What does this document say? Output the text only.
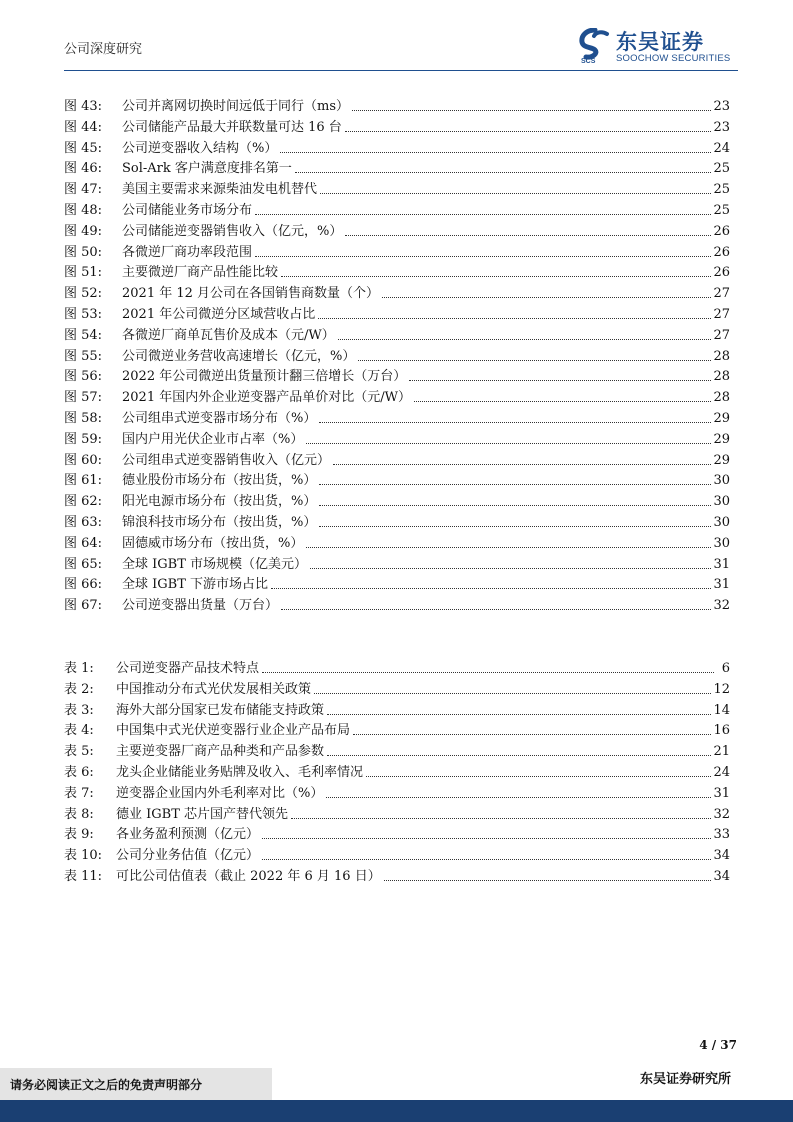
公司深度研究
SCS
东吴证券
SOOCHOW SECURITIES
图 43:	公司并离网切换时间远低于同行（ms）	23
图 44:	公司储能产品最大并联数量可达 16 台	23
图 45:	公司逆变器收入结构（%）	24
图 46:	Sol-Ark 客户满意度排名第一	25
图 47:	美国主要需求来源柴油发电机替代	25
图 48:	公司储能业务市场分布	25
图 49:	公司储能逆变器销售收入（亿元，%）	26
图 50:	各微逆厂商功率段范围	26
图 51:	主要微逆厂商产品性能比较	26
图 52:	2021 年 12 月公司在各国销售商数量（个）	27
图 53:	2021 年公司微逆分区域营收占比	27
图 54:	各微逆厂商单瓦售价及成本（元/W）	27
图 55:	公司微逆业务营收高速增长（亿元，%）	28
图 56:	2022 年公司微逆出货量预计翻三倍增长（万台）	28
图 57:	2021 年国内外企业逆变器产品单价对比（元/W）	28
图 58:	公司组串式逆变器市场分布（%）	29
图 59:	国内户用光伏企业市占率（%）	29
图 60:	公司组串式逆变器销售收入（亿元）	29
图 61:	德业股份市场分布（按出货，%）	30
图 62:	阳光电源市场分布（按出货，%）	30
图 63:	锦浪科技市场分布（按出货，%）	30
图 64:	固德威市场分布（按出货，%）	30
图 65:	全球 IGBT 市场规模（亿美元）	31
图 66:	全球 IGBT 下游市场占比	31
图 67:	公司逆变器出货量（万台）	32
表 1:	公司逆变器产品技术特点	6
表 2:	中国推动分布式光伏发展相关政策	12
表 3:	海外大部分国家已发布储能支持政策	14
表 4:	中国集中式光伏逆变器行业企业产品布局	16
表 5:	主要逆变器厂商产品种类和产品参数	21
表 6:	龙头企业储能业务贴牌及收入、毛利率情况	24
表 7:	逆变器企业国内外毛利率对比（%）	31
表 8:	德业 IGBT 芯片国产替代领先	32
表 9:	各业务盈利预测（亿元）	33
表 10:	公司分业务估值（亿元）	34
表 11:	可比公司估值表（截止 2022 年 6 月 16 日）	34
4 / 37
请务必阅读正文之后的免责声明部分	东吴证券研究所
